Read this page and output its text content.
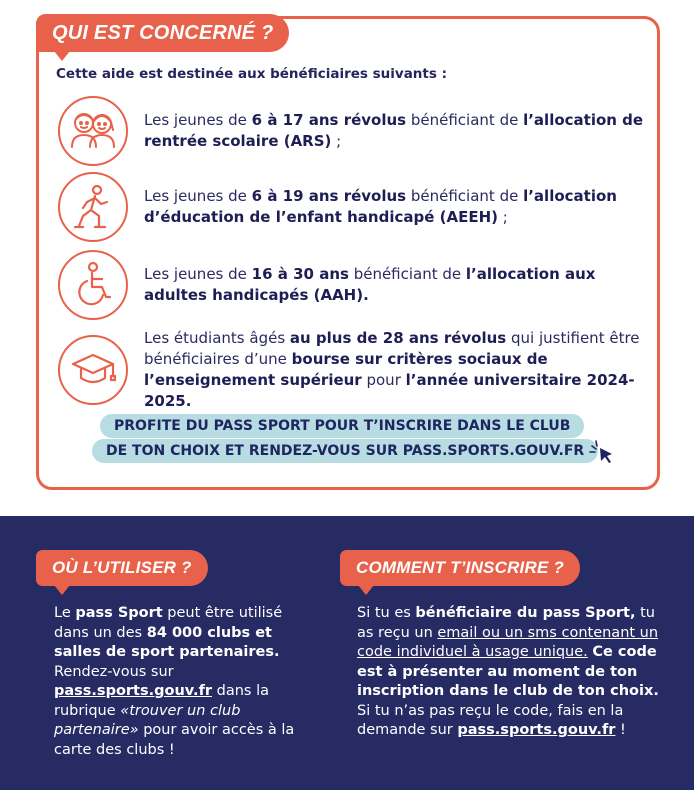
QUI EST CONCERNÉ ?
Cette aide est destinée aux bénéficiaires suivants :
Les jeunes de 6 à 17 ans révolus bénéficiant de l’allocation de rentrée scolaire (ARS) ;
Les jeunes de 6 à 19 ans révolus bénéficiant de l’allocation d’éducation de l’enfant handicapé (AEEH) ;
Les jeunes de 16 à 30 ans bénéficiant de l’allocation aux adultes handicapés (AAH).
Les étudiants âgés au plus de 28 ans révolus qui justifient être bénéficiaires d’une bourse sur critères sociaux de l’enseignement supérieur pour l’année universitaire 2024-2025.
PROFITE DU PASS SPORT POUR T’INSCRIRE DANS LE CLUB
DE TON CHOIX ET RENDEZ-VOUS SUR PASS.SPORTS.GOUV.FR
OÙ L’UTILISER ?
Le pass Sport peut être utilisé dans un des 84 000 clubs et salles de sport partenaires. Rendez-vous sur pass.sports.gouv.fr dans la rubrique «trouver un club partenaire» pour avoir accès à la carte des clubs !
COMMENT T’INSCRIRE ?
Si tu es bénéficiaire du pass Sport, tu as reçu un email ou un sms contenant un code individuel à usage unique. Ce code est à présenter au moment de ton inscription dans le club de ton choix. Si tu n’as pas reçu le code, fais en la demande sur pass.sports.gouv.fr !
